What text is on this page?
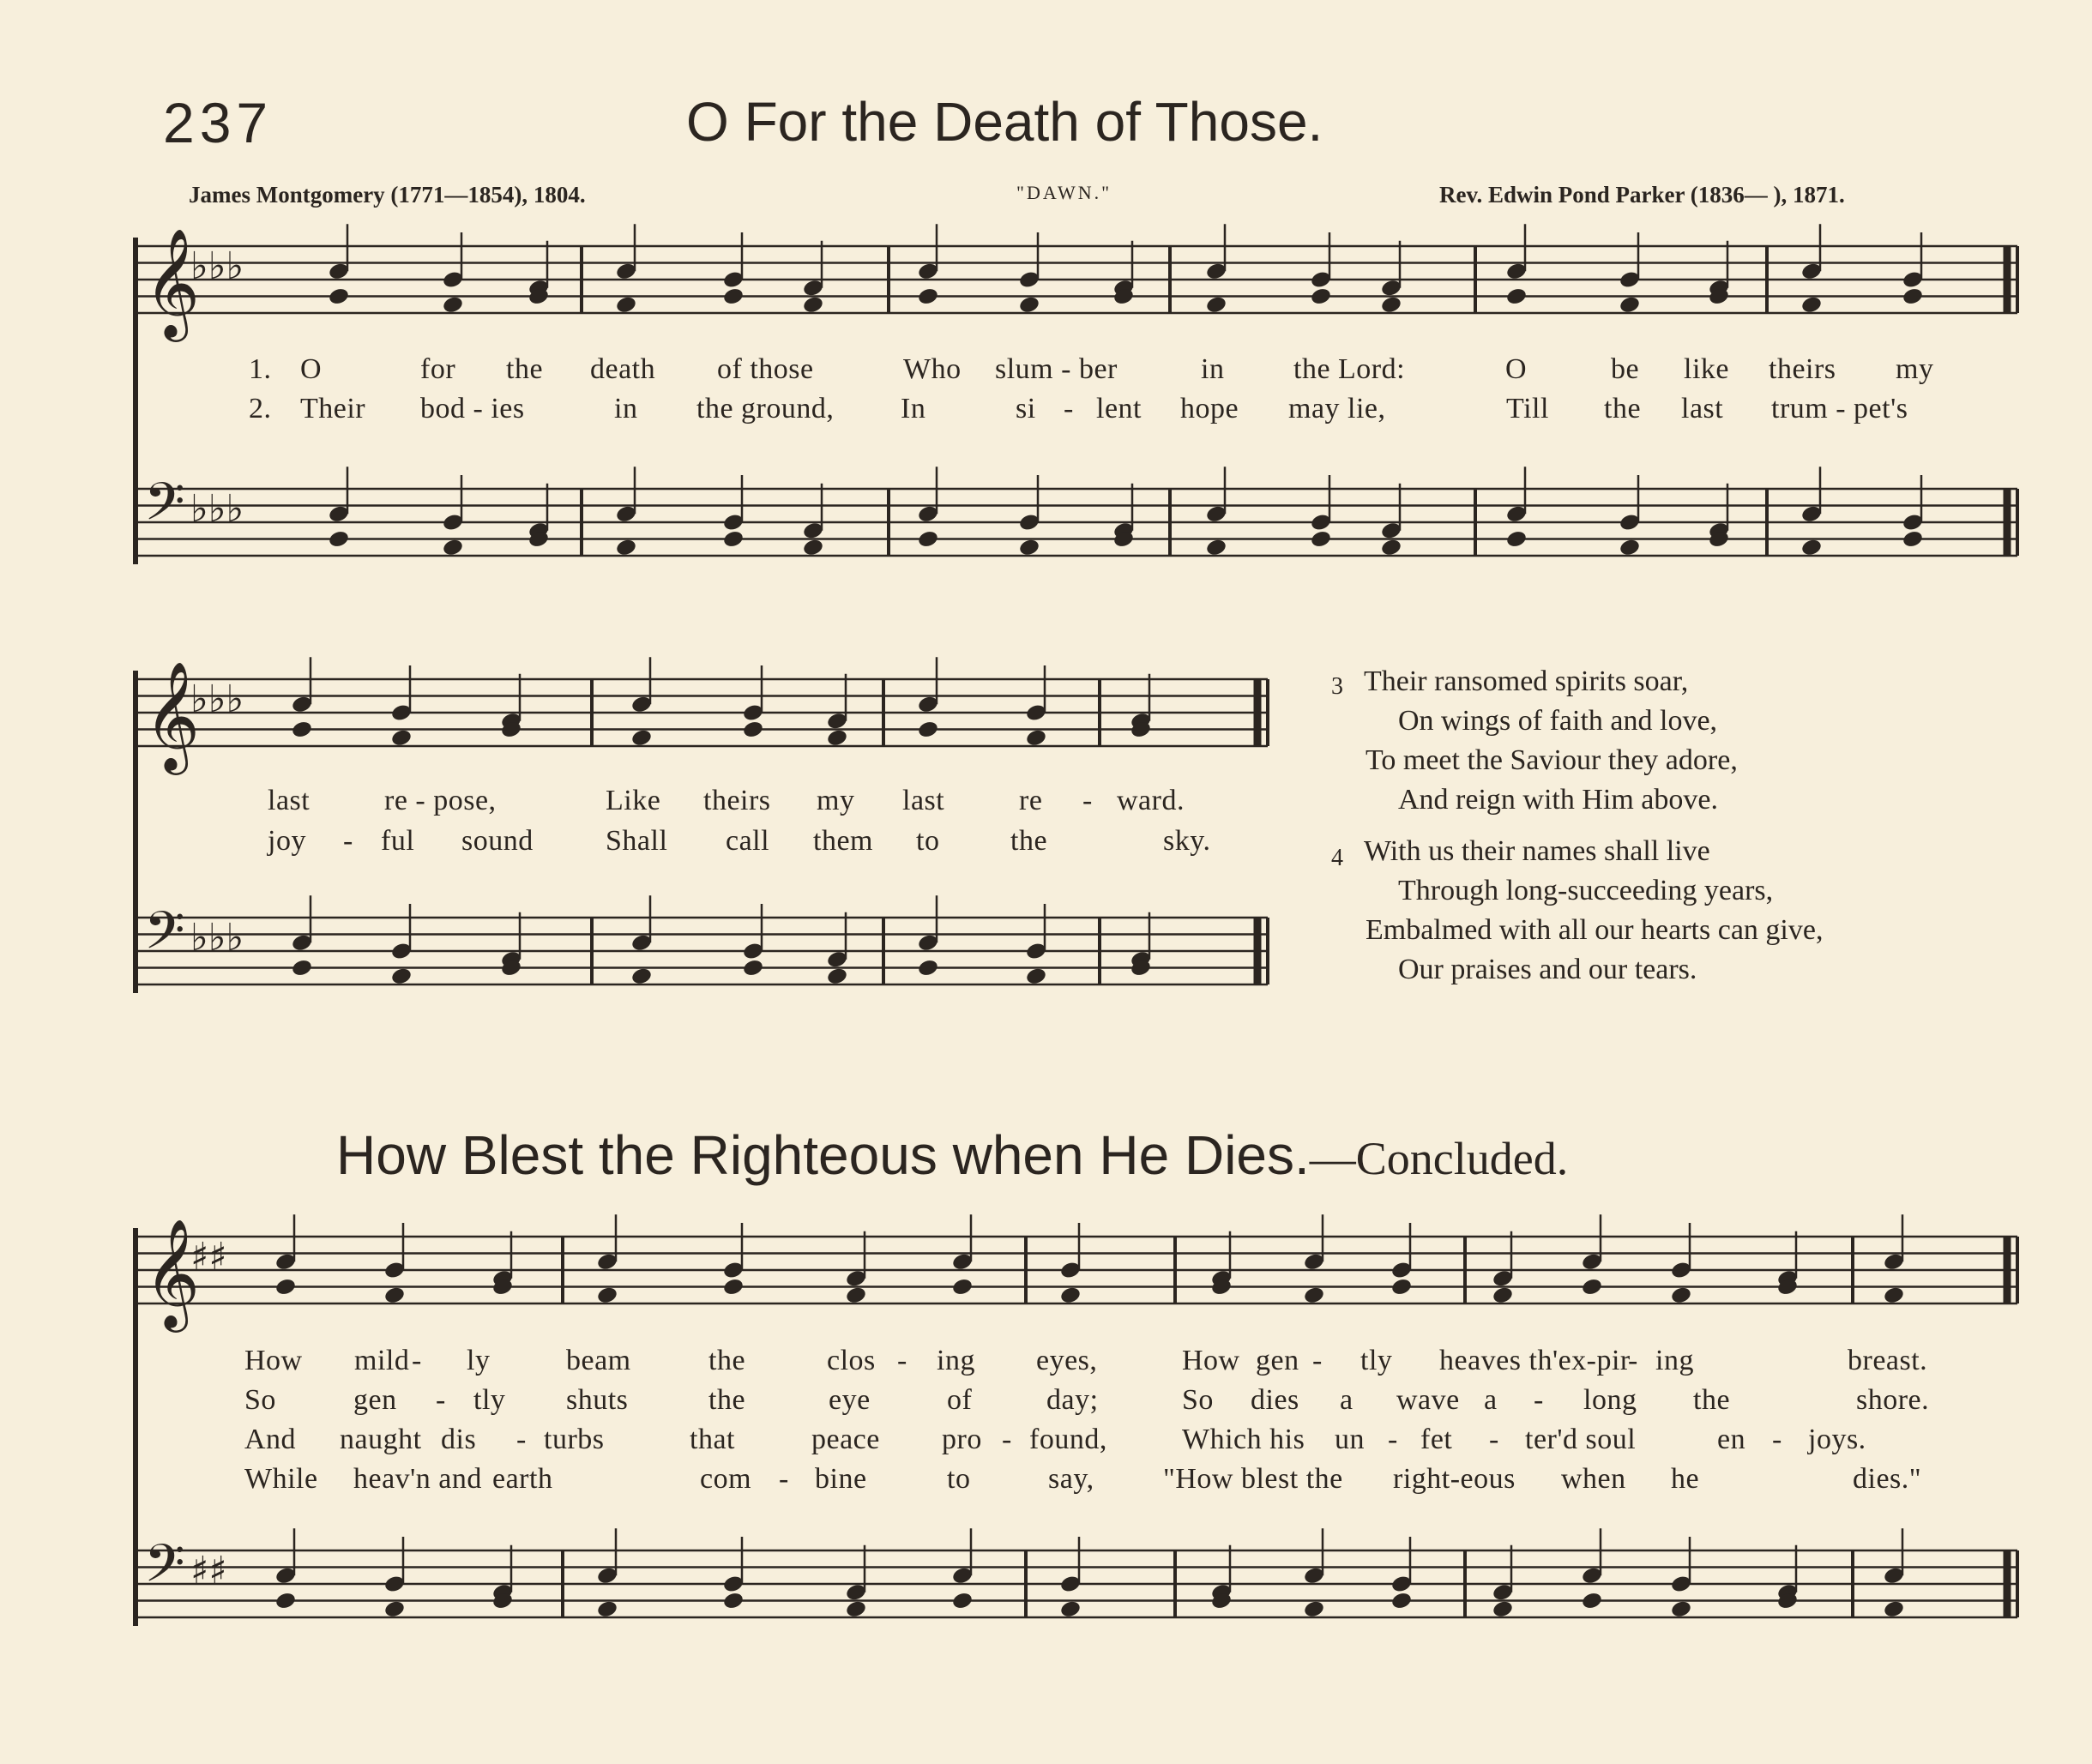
237	O For the Death of Those.
James Montgomery (1771—1854), 1804.	"DAWN."	Rev. Edwin Pond Parker (1836— ), 1871.
𝄞
♭♭♭
𝄢 ♭♭♭
𝄞
♭♭♭
𝄢 ♭♭♭
𝄞
♯♯
𝄢 ♯♯
1. O	for the death of those	Who slum - ber	in the Lord:	O	be like theirs my
2. Their bod - ies	in the ground, In	si - lent hope may lie,	Till the last trum - pet's
last	re - pose,	Like theirs my last	re - ward.
joy - ful sound Shall call them to the	sky.
3 Their ransomed spirits soar,
On wings of faith and love,
To meet the Saviour they adore,
And reign with Him above.
4 With us their names shall live
Through long-succeeding years,
Embalmed with all our hearts can give,
Our praises and our tears.
How Blest the Righteous when He Dies.—Concluded.
How mild - ly	beam	the	clos - ing eyes,	How gen - tly heaves th'ex-pir
- ing	breast.
So	gen - tly shuts	the	eye	of	day;	So dies a wave a - long the	shore.
And naught dis - turbs	that	peace pro - found,	Which his un - fet - ter'd soul	en - joys.
While heav'n and earth	com - bine	to	say, "How blest the right-eous when he	dies."
